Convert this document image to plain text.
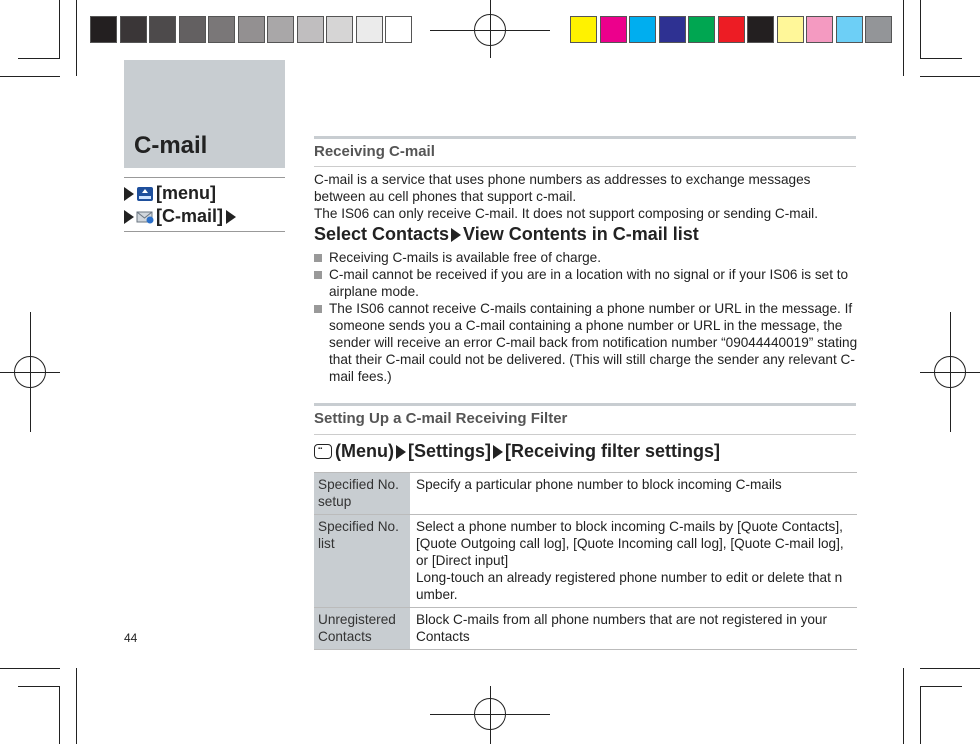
C-mail
[menu]
[C-mail]
Receiving C-mail
C-mail is a service that uses phone numbers as addresses to exchange messages between au cell phones that support c-mail.
The IS06 can only receive C-mail. It does not support composing or sending C-mail.
Select Contacts View Contents in C-mail list
Receiving C-mails is available free of charge.
C-mail cannot be received if you are in a location with no signal or if your IS06 is set to airplane mode.
The IS06 cannot receive C-mails containing a phone number or URL in the message. If someone sends you a C-mail containing a phone number or URL in the message, the sender will receive an error C-mail back from notification number “09044440019” stating that their C-mail could not be delivered. (This will still charge the sender any relevant C-mail fees.)
Setting Up a C-mail Receiving Filter
▪▪
(Menu) [Settings] [Receiving filter settings]
Specified No. setup	Specify a particular phone number to block incoming C-mails
Specified No. list	Select a phone number to block incoming C-mails by [Quote Contacts], [Quote Outgoing call log], [Quote Incoming call log], [Quote C-mail log], or [Direct input]
Long-touch an already registered phone number to edit or delete that n umber.

Unregistered Contacts	Block C-mails from all phone numbers that are not registered in your Contacts
44
